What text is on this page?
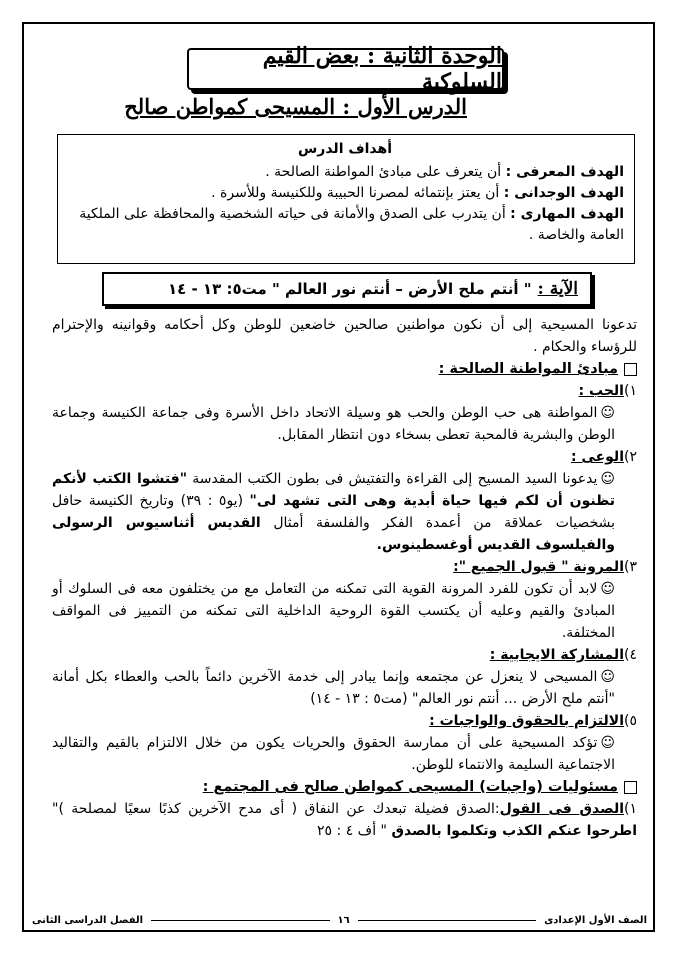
الوحدة الثانية : بعض القيم السلوكية
الدرس الأول : المسيحى كمواطن صالح
أهداف الدرس
الهدف المعرفى : أن يتعرف على مبادئ المواطنة الصالحة .
الهدف الوجدانى : أن يعتز بإنتمائه لمصرنا الحبيبة وللكنيسة وللأسرة .
الهدف المهارى : أن يتدرب على الصدق والأمانة فى حياته الشخصية والمحافظة على الملكية العامة والخاصة .
الآية :
" أنتم ملح الأرض – أنتم نور العالم " مت٥: ١٣ - ١٤

تدعونا المسيحية إلى أن نكون مواطنين صالحين خاضعين للوطن وكل أحكامه وقوانينه والإحترام للرؤساء والحكام .

مبادئ المواطنة الصالحة :

١)الحب :

☺المواطنة هى حب الوطن والحب هو وسيلة الاتحاد داخل الأسرة وفى جماعة الكنيسة وجماعة الوطن والبشرية فالمحبة تعطى بسخاء دون انتظار المقابل.

٢)الوعى :

☺يدعونا السيد المسيح إلى القراءة والتفتيش فى بطون الكتب المقدسة "فتشوا الكتب لأنكم تظنون أن لكم فيها حياة أبدية وهى التى تشهد لى" (يو٥ : ٣٩) وتاريخ الكنيسة حافل بشخصيات عملاقة من أعمدة الفكر والفلسفة أمثال القديس أثناسيوس الرسولى والفيلسوف القديس أوغسطينوس.

٣)المرونة " قبول الجميع ":

☺لابد أن تكون للفرد المرونة القوية التى تمكنه من التعامل مع من يختلفون معه فى السلوك أو المبادئ والقيم وعليه أن يكتسب القوة الروحية الداخلية التى تمكنه من التمييز فى المواقف المختلفة.

٤)المشاركة الايجابية :

☺المسيحى لا ينعزل عن مجتمعه وإنما يبادر إلى خدمة الآخرين دائماً بالحب والعطاء بكل أمانة "أنتم ملح الأرض ... أنتم نور العالم" (مت٥ : ١٣ - ١٤)

٥)الالتزام بالحقوق والواجبات :

☺تؤكد المسيحية على أن ممارسة الحقوق والحريات يكون من خلال الالتزام بالقيم والتقاليد الاجتماعية السليمة والانتماء للوطن.

مسئوليات (واجبات) المسيحى كمواطن صالح فى المجتمع :

١)الصدق فى القول:الصدق فضيلة تبعدك عن النفاق ( أى مدح الآخرين كذبًا سعيًا لمصلحة )" اطرحوا عنكم الكذب وتكلموا بالصدق " أف ٤ : ٢٥

الصف الأول الإعدادى
١٦
الفصل الدراسى الثانى
